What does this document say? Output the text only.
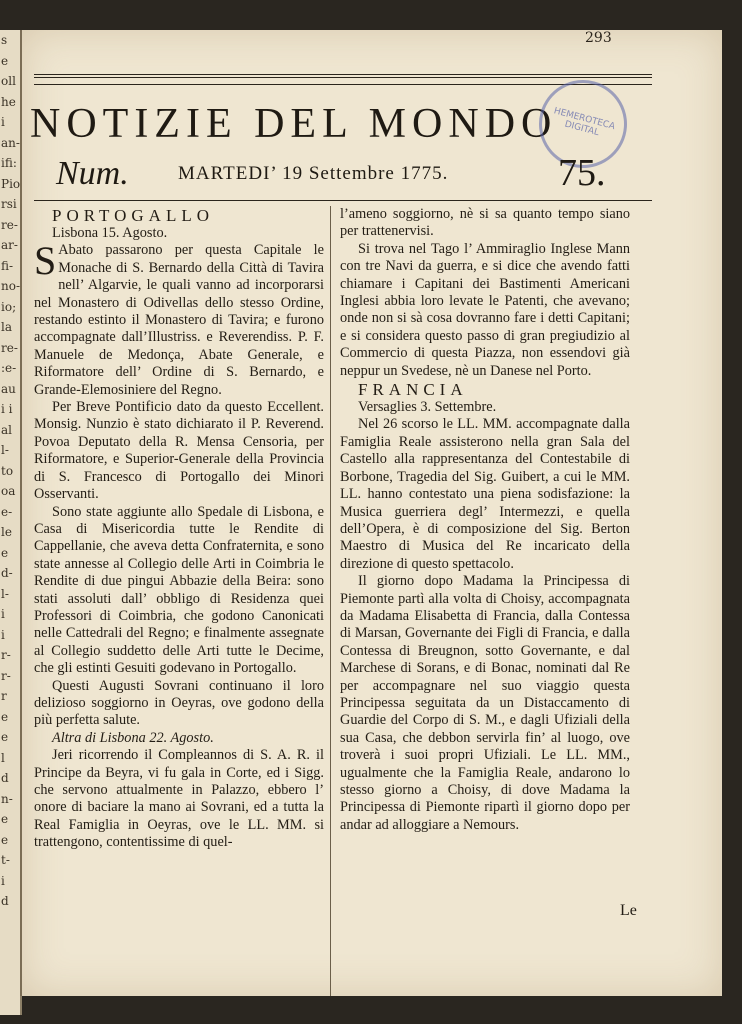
s
e
oll
he
i
an-
ifi:
Pio
rsi
re-
ar-
fi-
no-
io;
la
re-
:e-
au
i i
al
l-
to
oa
e-
le
e
d-
l-
i
i
r-
r-
r
e
e
l
d
n-
e
e
t-
i
d
293
NOTIZIE DEL MONDO
HEMEROTECA DIGITAL
Num.	MARTEDI’ 19 Settembre 1775.	75.

PORTOGALLO

Lisbona 15. Agosto.

S Abato passarono per questa Capitale le Monache di S. Bernardo della Città di Tavira nell’ Algarvie, le quali vanno ad incorporarsi nel Monastero di Odivellas dello stesso Ordine, restando estinto il Monastero di Tavira; e furono accompagnate dall’Illustriss. e Reverendiss. P. F. Manuele de Medonça, Abate Generale, e Riformatore dell’ Ordine di S. Bernardo, e Grande-Elemosiniere del Regno.

Per Breve Pontificio dato da questo Eccellent. Monsig. Nunzio è stato dichiarato il P. Reverend. Povoa Deputato della R. Mensa Censoria, per Riformatore, e Superior-Generale della Provincia di S. Francesco di Portogallo dei Minori Osservanti.

Sono state aggiunte allo Spedale di Lisbona, e Casa di Misericordia tutte le Rendite di Cappellanie, che aveva detta Confraternita, e sono state annesse al Collegio delle Arti in Coimbria le Rendite di due pingui Abbazie della Beira: sono stati assoluti dall’ obbligo di Residenza quei Professori di Coimbria, che godono Canonicati nelle Cattedrali del Regno; e finalmente assegnate al Collegio suddetto delle Arti tutte le Decime, che gli estinti Gesuiti godevano in Portogallo.

Questi Augusti Sovrani continuano il loro delizioso soggiorno in Oeyras, ove godono della più perfetta salute.

Altra di Lisbona 22. Agosto.

Jeri ricorrendo il Compleannos di S. A. R. il Principe da Beyra, vi fu gala in Corte, ed i Sigg. che servono attualmente in Palazzo, ebbero l’ onore di baciare la mano ai Sovrani, ed a tutta la Real Famiglia in Oeyras, ove le LL. MM. si trattengono, contentissime di quel-

l’ameno soggiorno, nè si sa quanto tempo siano per trattenervisi.

Si trova nel Tago l’ Ammiraglio Inglese Mann con tre Navi da guerra, e si dice che avendo fatti chiamare i Capitani dei Bastimenti Americani Inglesi abbia loro levate le Patenti, che avevano; onde non si sà cosa dovranno fare i detti Capitani; e si considera questo passo di gran pregiudizio al Commercio di questa Piazza, non essendovi già neppur un Svedese, nè un Danese nel Porto.

FRANCIA

Versaglies 3. Settembre.

Nel 26 scorso le LL. MM. accompagnate dalla Famiglia Reale assisterono nella gran Sala del Castello alla rappresentanza del Contestabile di Borbone, Tragedia del Sig. Guibert, a cui le MM. LL. hanno contestato una piena sodisfazione: la Musica guerriera degl’ Intermezzi, e quella dell’Opera, è di composizione del Sig. Berton Maestro di Musica del Re incaricato della direzione di questo spettacolo.

Il giorno dopo Madama la Principessa di Piemonte partì alla volta di Choisy, accompagnata da Madama Elisabetta di Francia, dalla Contessa di Marsan, Governante dei Figli di Francia, e dalla Contessa di Breugnon, sotto Governante, e dal Marchese di Sorans, e di Bonac, nominati dal Re per accompagnare nel suo viaggio questa Principessa seguitata da un Distaccamento di Guardie del Corpo di S. M., e dagli Ufiziali della sua Casa, che debbon servirla fin’ al luogo, ove troverà i suoi propri Ufiziali. Le LL. MM., ugualmente che la Famiglia Reale, andarono lo stesso giorno a Choisy, di dove Madama la Principessa di Piemonte ripartì il giorno dopo per andar ad alloggiare a Nemours.

Le
